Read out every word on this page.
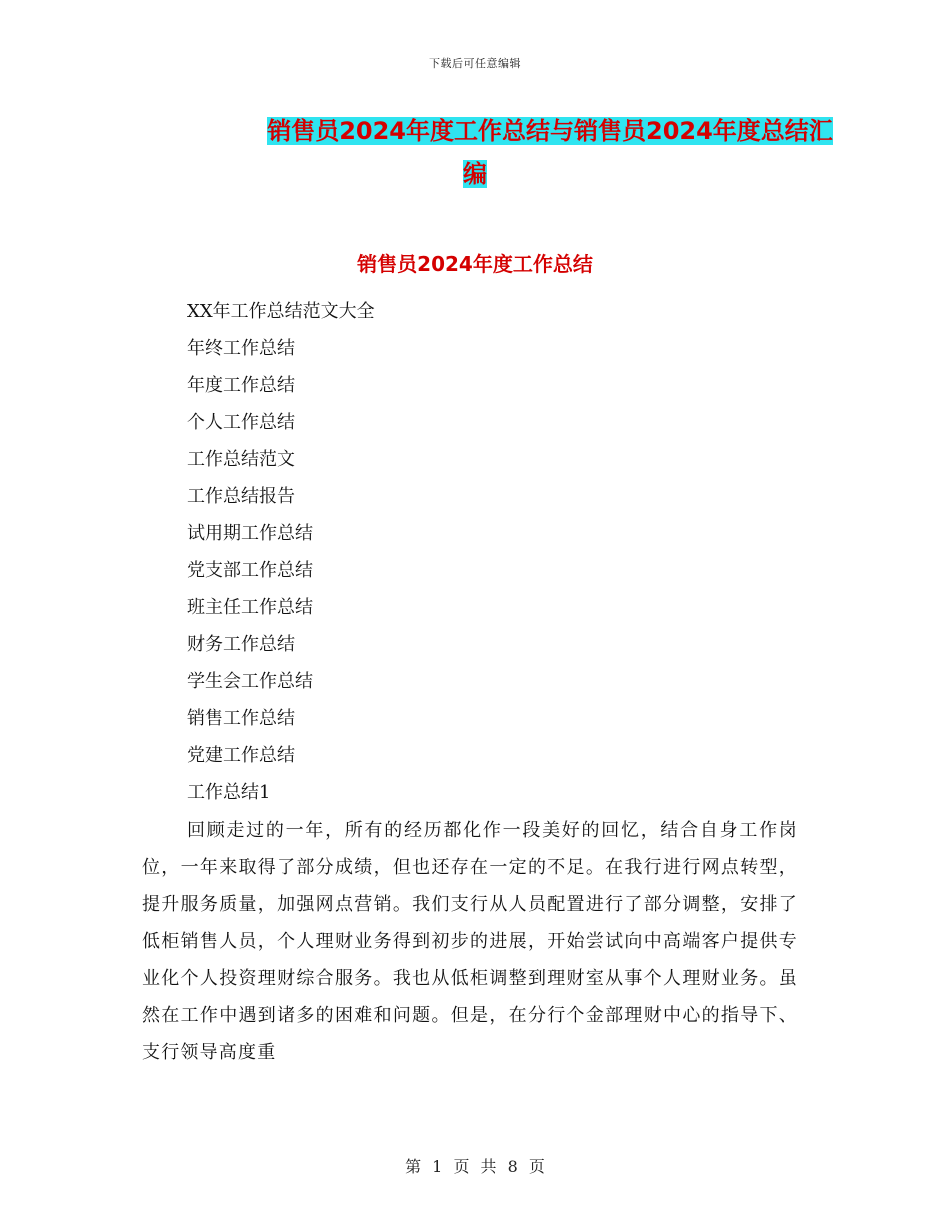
下载后可任意编辑
销售员2024年度工作总结与销售员2024年度总结汇
编
销售员2024年度工作总结
XX年工作总结范文大全
年终工作总结
年度工作总结
个人工作总结
工作总结范文
工作总结报告
试用期工作总结
党支部工作总结
班主任工作总结
财务工作总结
学生会工作总结
销售工作总结
党建工作总结
工作总结1

回顾走过的一年，所有的经历都化作一段美好的回忆，结合自身工作岗位，一年来取得了部分成绩，但也还存在一定的不足。在我行进行网点转型，提升服务质量，加强网点营销。我们支行从人员配置进行了部分调整，安排了低柜销售人员，个人理财业务得到初步的进展，开始尝试向中高端客户提供专业化个人投资理财综合服务。我也从低柜调整到理财室从事个人理财业务。虽然在工作中遇到诸多的困难和问题。但是，在分行个金部理财中心的指导下、支行领导高度重

第 1 页 共 8 页
